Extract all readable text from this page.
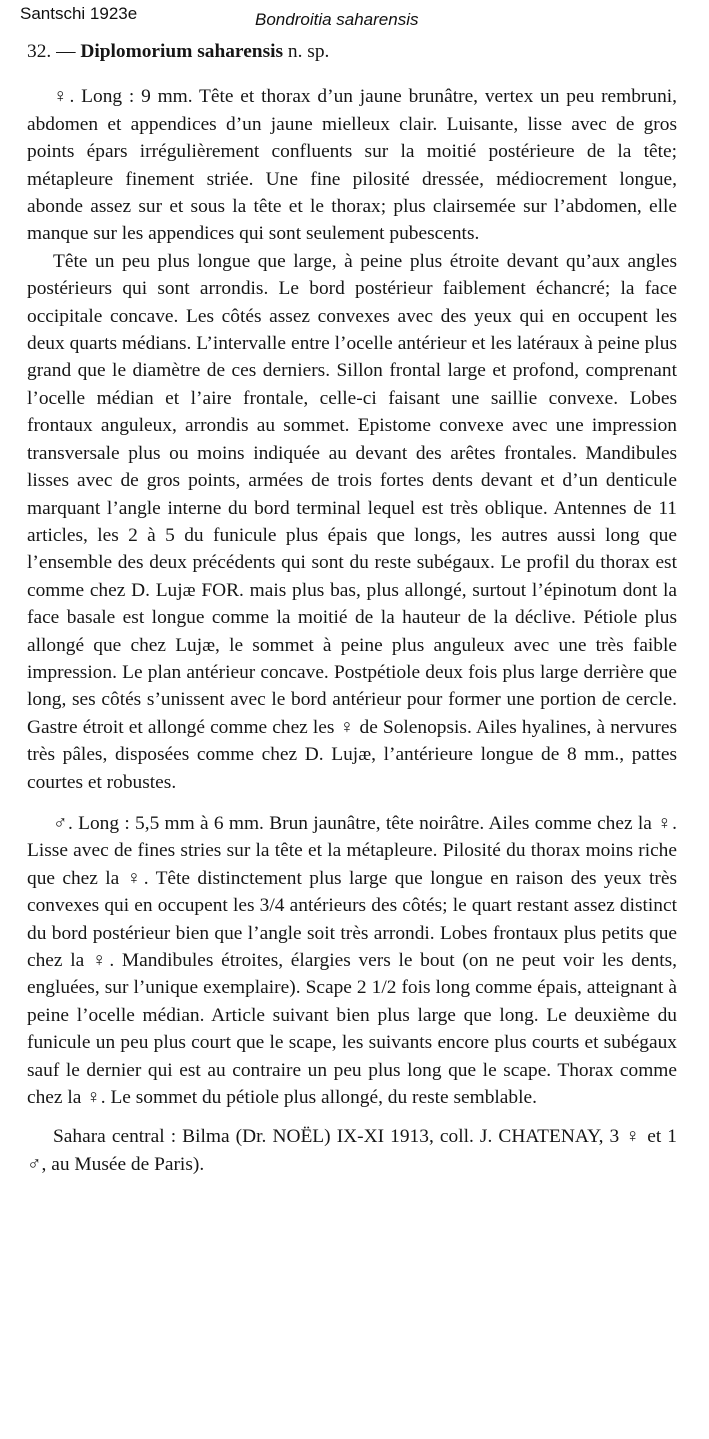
Santschi 1923e	Bondroitia saharensis

32. — Diplomorium saharensis n. sp.

♀. Long : 9 mm. Tête et thorax d’un jaune brunâtre, vertex un peu rembruni, abdomen et appendices d’un jaune mielleux clair. Luisante, lisse avec de gros points épars irrégulièrement confluents sur la moitié postérieure de la tête; métapleure finement striée. Une fine pilosité dressée, médiocrement longue, abonde assez sur et sous la tête et le thorax; plus clairsemée sur l’abdomen, elle manque sur les appendices qui sont seulement pubescents.

Tête un peu plus longue que large, à peine plus étroite devant qu’aux angles postérieurs qui sont arrondis. Le bord postérieur faiblement échancré; la face occipitale concave. Les côtés assez convexes avec des yeux qui en occupent les deux quarts médians. L’intervalle entre l’ocelle antérieur et les latéraux à peine plus grand que le diamètre de ces derniers. Sillon frontal large et profond, comprenant l’ocelle médian et l’aire frontale, celle-ci faisant une saillie convexe. Lobes frontaux anguleux, arrondis au sommet. Epistome convexe avec une impression transversale plus ou moins indiquée au devant des arêtes frontales. Mandibules lisses avec de gros points, armées de trois fortes dents devant et d’un denticule marquant l’angle interne du bord terminal lequel est très oblique. Antennes de 11 articles, les 2 à 5 du funicule plus épais que longs, les autres aussi long que l’ensemble des deux précédents qui sont du reste subégaux. Le profil du thorax est comme chez D. Lujæ FOR. mais plus bas, plus allongé, surtout l’épinotum dont la face basale est longue comme la moitié de la hauteur de la déclive. Pétiole plus allongé que chez Lujæ, le sommet à peine plus anguleux avec une très faible impression. Le plan antérieur concave. Postpétiole deux fois plus large derrière que long, ses côtés s’unissent avec le bord antérieur pour former une portion de cercle. Gastre étroit et allongé comme chez les ♀ de Solenopsis. Ailes hyalines, à nervures très pâles, disposées comme chez D. Lujæ, l’antérieure longue de 8 mm., pattes courtes et robustes.

♂. Long : 5,5 mm à 6 mm. Brun jaunâtre, tête noirâtre. Ailes comme chez la ♀. Lisse avec de fines stries sur la tête et la métapleure. Pilosité du thorax moins riche que chez la ♀. Tête distinctement plus large que longue en raison des yeux très convexes qui en occupent les 3/4 antérieurs des côtés; le quart restant assez distinct du bord postérieur bien que l’angle soit très arrondi. Lobes frontaux plus petits que chez la ♀. Mandibules étroites, élargies vers le bout (on ne peut voir les dents, engluées, sur l’unique exemplaire). Scape 2 1/2 fois long comme épais, atteignant à peine l’ocelle médian. Article suivant bien plus large que long. Le deuxième du funicule un peu plus court que le scape, les suivants encore plus courts et subégaux sauf le dernier qui est au contraire un peu plus long que le scape. Thorax comme chez la ♀. Le sommet du pétiole plus allongé, du reste semblable.

Sahara central : Bilma (Dr. NOËL) IX-XI 1913, coll. J. CHATENAY, 3 ♀ et 1 ♂, au Musée de Paris).
